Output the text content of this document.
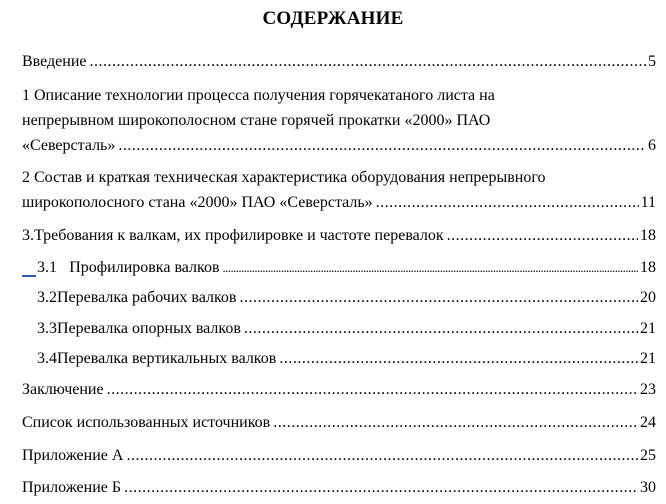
СОДЕРЖАНИЕ
Введение .....	5
1 Описание технологии процесса получения горячекатаного листа на
непрерывном широкополосном стане горячей прокатки «2000» ПАО
«Северсталь» .....	6
2 Состав и краткая техническая характеристика оборудования непрерывного
широкополосного стана «2000» ПАО «Северсталь» .....	11
3.Требования к валкам, их профилировке и частоте перевалок .....	18
3.1 Профилировка валков .....	18
3.2 Перевалка рабочих валков .....	20
3.3 Перевалка опорных валков .....	21
3.4 Перевалка вертикальных валков .....	21
Заключение .....	23
Список использованных источников .....	24
Приложение А .....	25
Приложение Б .....	30
